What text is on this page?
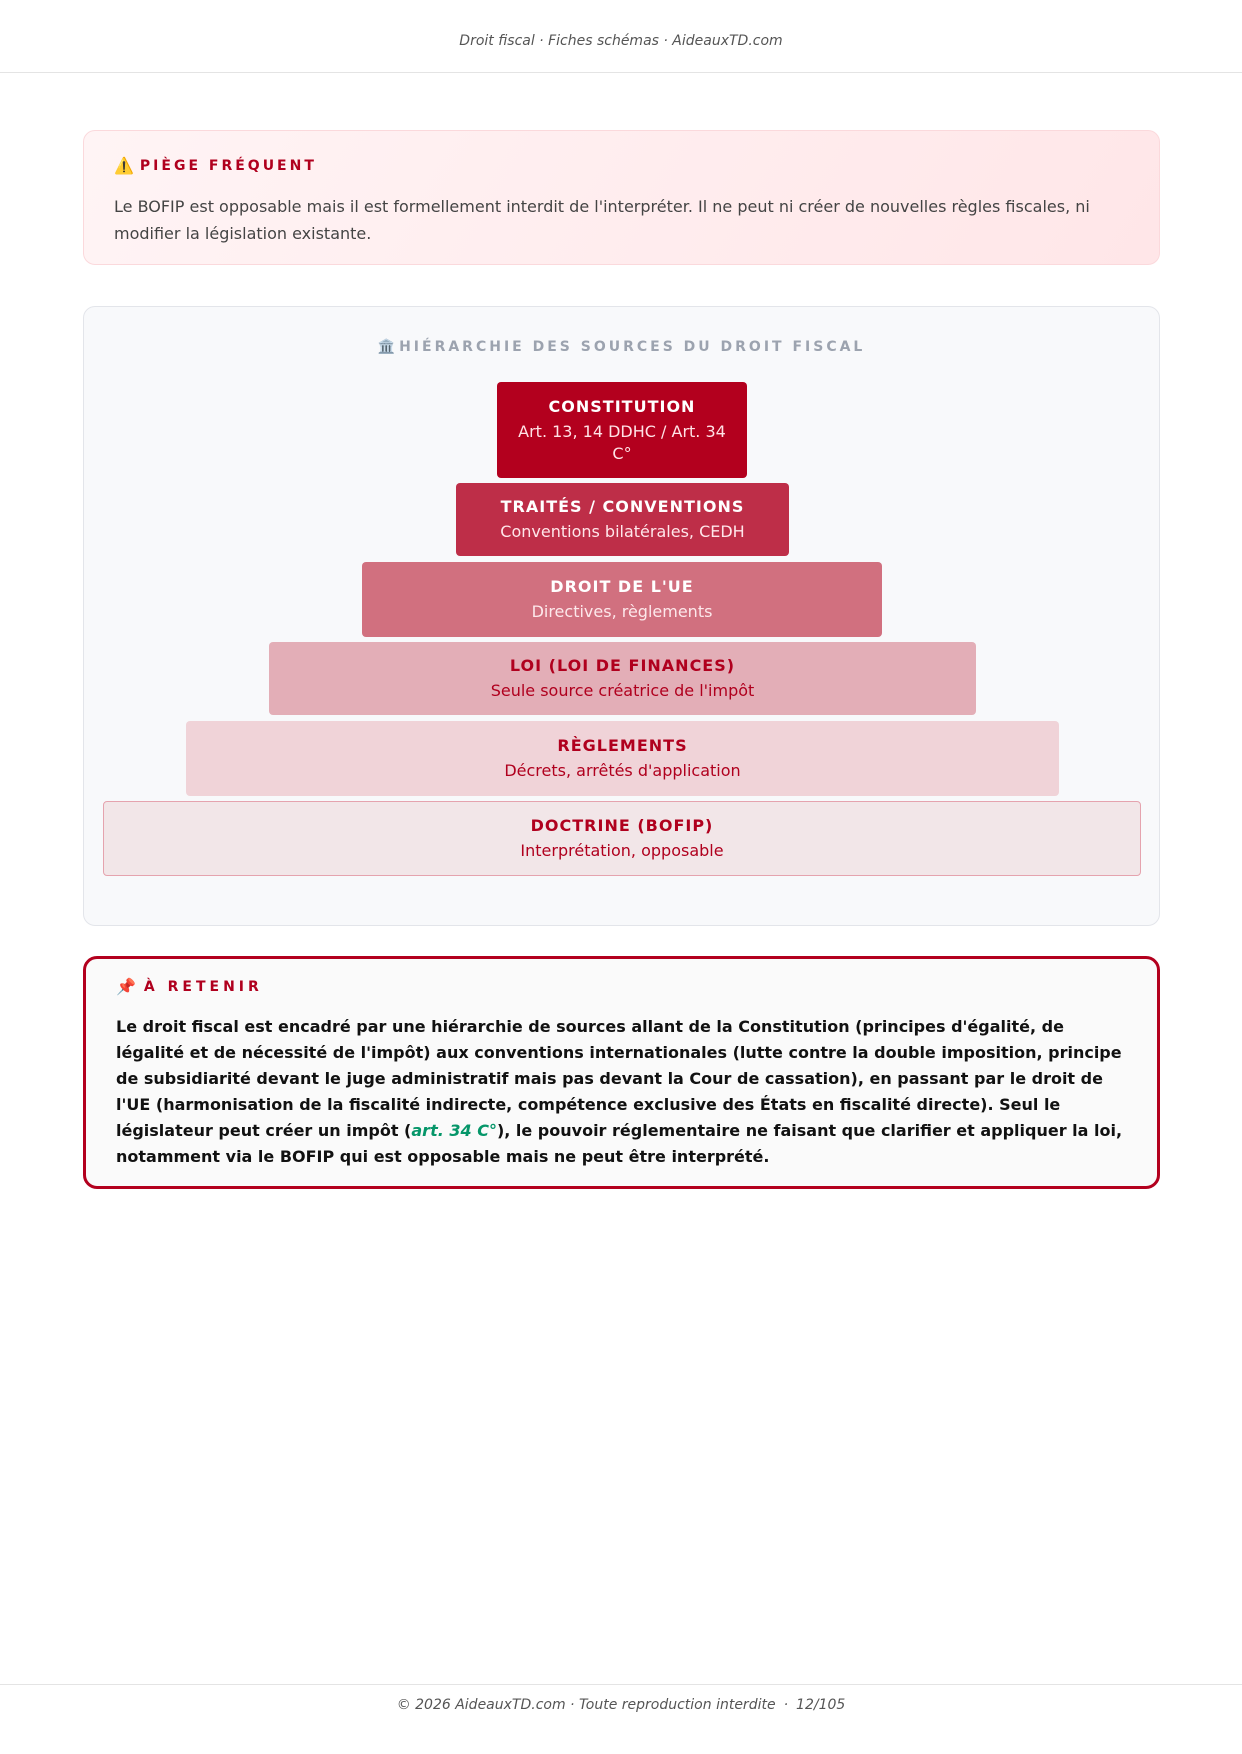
Droit fiscal · Fiches schémas · AideauxTD.com
⚠️ PIÈGE FRÉQUENT

Le BOFIP est opposable mais il est formellement interdit de l'interpréter. Il ne peut ni créer de nouvelles règles fiscales, ni modifier la législation existante.

🏛️ HIÉRARCHIE DES SOURCES DU DROIT FISCAL
CONSTITUTION
Art. 13, 14 DDHC / Art. 34 C°
TRAITÉS / CONVENTIONS
Conventions bilatérales, CEDH
DROIT DE L'UE
Directives, règlements
LOI (LOI DE FINANCES)
Seule source créatrice de l'impôt
RÈGLEMENTS
Décrets, arrêtés d'application
DOCTRINE (BOFIP)
Interprétation, opposable
📌 À RETENIR

Le droit fiscal est encadré par une hiérarchie de sources allant de la Constitution (principes d'égalité, de légalité et de nécessité de l'impôt) aux conventions internationales (lutte contre la double imposition, principe de subsidiarité devant le juge administratif mais pas devant la Cour de cassation), en passant par le droit de l'UE (harmonisation de la fiscalité indirecte, compétence exclusive des États en fiscalité directe). Seul le législateur peut créer un impôt (art. 34 C°), le pouvoir réglementaire ne faisant que clarifier et appliquer la loi, notamment via le BOFIP qui est opposable mais ne peut être interprété.

© 2026 AideauxTD.com · Toute reproduction interdite · 12/105
